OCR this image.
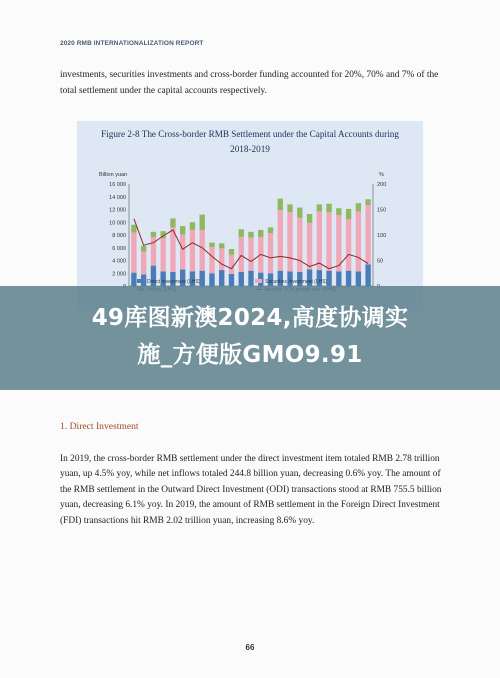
2020 RMB INTERNATIONALIZATION REPORT
investments, securities investments and cross-border funding accounted for 20%, 70% and 7% of the total settlement under the capital accounts respectively.
Figure 2-8 The Cross-border RMB Settlement under the Capital Accounts during
2018-2019
Billion yuan	%
16 000
14 000
12 000
10 000
8 000
6 000
4 000
2 000
200
150
100
50
Direct Investment (LHS)	Securities Investment (LHS)
49库图新澳2024,高度协调实
施_方便版GMO9.91
1. Direct Investment
In 2019, the cross-border RMB settlement under the direct investment item totaled RMB 2.78 trillion yuan, up 4.5% yoy, while net inflows totaled 244.8 billion yuan, decreasing 0.6% yoy. The amount of the RMB settlement in the Outward Direct Investment (ODI) transactions stood at RMB 755.5 billion yuan, decreasing 6.1% yoy. In 2019, the amount of RMB settlement in the Foreign Direct Investment (FDI) transactions hit RMB 2.02 trillion yuan, increasing 8.6% yoy.
66
